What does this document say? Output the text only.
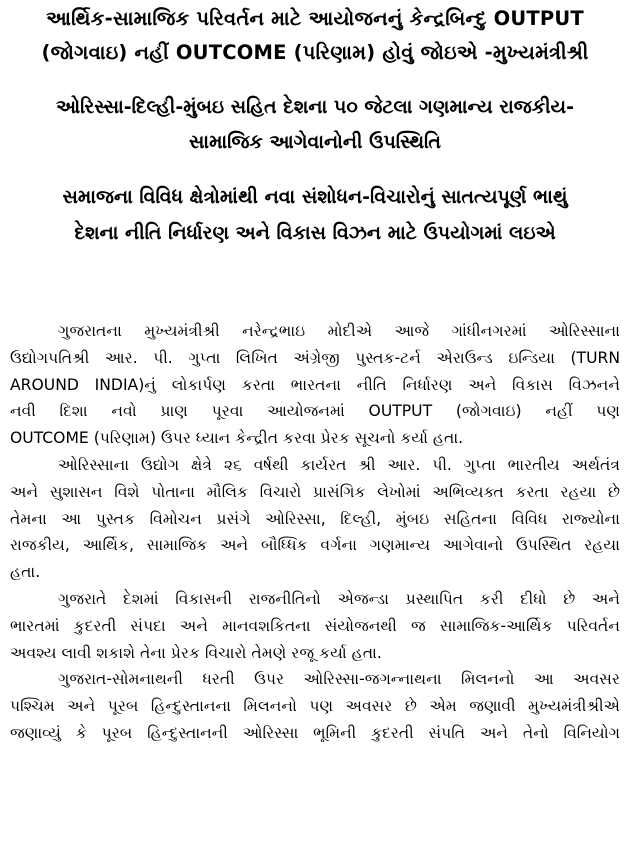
આર્થિક-સામાજિક પરિવર્તન માટે આયોજનનું કેન્દ્રબિન્દુ OUTPUT
(જોગવાઇ) નહીં OUTCOME (પરિણામ) હોવું જોઇએ -મુખ્યમંત્રીશ્રી
ઓરિસ્સા-દિલ્હી-મુંબઇ સહિત દેશના ૫૦ જેટલા ગણમાન્ય રાજકીય-
સામાજિક આગેવાનોની ઉપસ્થિતિ
સમાજના વિવિધ ક્ષેત્રોમાંથી નવા સંશોધન-વિચારોનું સાતત્યપૂર્ણ ભાથું
દેશના નીતિ નિર્ધારણ અને વિકાસ વિઝન માટે ઉપયોગમાં લઇએ
ગુજરાતના મુખ્યમંત્રીશ્રી નરેન્દ્રભાઇ મોદીએ આજે ગાંધીનગરમાં ઓરિસ્સાના
ઉદ્યોગપતિશ્રી આર. પી. ગુપ્તા લિખિત અંગ્રેજી પુસ્તક-ટર્ન એરાઉન્ડ ઇન્ડિયા (TURN
AROUND INDIA)નું લોકાર્પણ કરતા ભારતના નીતિ નિર્ધારણ અને વિકાસ વિઝનને
નવી દિશા નવો પ્રાણ પૂરવા આયોજનમાં OUTPUT (જોગવાઇ) નહીં પણ
OUTCOME (પરિણામ) ઉપર ધ્યાન કેન્દ્રીત કરવા પ્રેરક સૂચનો કર્યા હતા.
ઓરિસ્સાના ઉદ્યોગ ક્ષેત્રે ૨૬ વર્ષથી કાર્યરત શ્રી આર. પી. ગુપ્તા ભારતીય અર્થતંત્ર
અને સુશાસન વિશે પોતાના મૌલિક વિચારો પ્રાસંગિક લેખોમાં અભિવ્યક્ત કરતા રહયા છે
તેમના આ પુસ્તક વિમોચન પ્રસંગે ઓરિસ્સા, દિલ્હી, મુંબઇ સહિતના વિવિધ રાજ્યોના
રાજકીય, આર્થિક, સામાજિક અને બૌધ્ધિક વર્ગના ગણમાન્ય આગેવાનો ઉપસ્થિત રહયા
હતા.
ગુજરાતે દેશમાં વિકાસની રાજનીતિનો એજન્ડા પ્રસ્થાપિત કરી દીધો છે અને
ભારતમાં કુદરતી સંપદા અને માનવશકિતના સંયોજનથી જ સામાજિક-આર્થિક પરિવર્તન
અવશ્ય લાવી શકાશે તેના પ્રેરક વિચારો તેમણે રજૂ કર્યા હતા.
ગુજરાત-સોમનાથની ધરતી ઉપર ઓરિસ્સા-જગન્નાથના મિલનનો આ અવસર
પશ્ચિમ અને પૂરબ હિન્દુસ્તાનના મિલનનો પણ અવસર છે એમ જણાવી મુખ્યમંત્રીશ્રીએ
જણાવ્યું કે પૂરબ હિન્દુસ્તાનની ઓરિસ્સા ભૂમિની કુદરતી સંપતિ અને તેનો વિનિયોગ
